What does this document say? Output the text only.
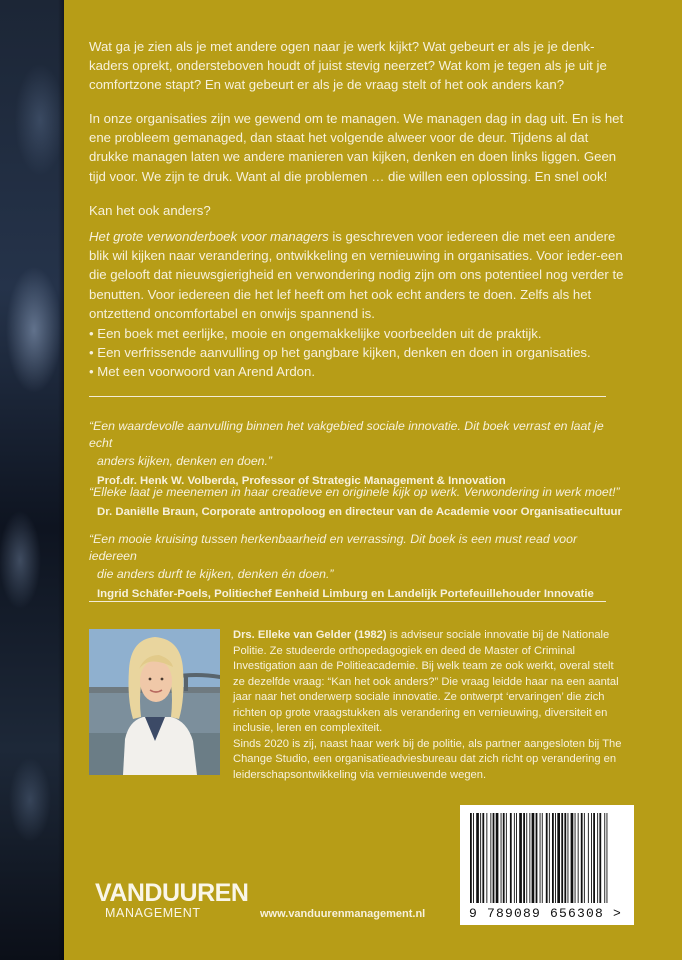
Wat ga je zien als je met andere ogen naar je werk kijkt? Wat gebeurt er als je je denk-kaders oprekt, ondersteboven houdt of juist stevig neerzet? Wat kom je tegen als je uit je comfortzone stapt? En wat gebeurt er als je de vraag stelt of het ook anders kan?

In onze organisaties zijn we gewend om te managen. We managen dag in dag uit. En is het ene probleem gemanaged, dan staat het volgende alweer voor de deur. Tijdens al dat drukke managen laten we andere manieren van kijken, denken en doen links liggen. Geen tijd voor. We zijn te druk. Want al die problemen … die willen een oplossing. En snel ook!

Kan het ook anders?

Het grote verwonderboek voor managers is geschreven voor iedereen die met een andere blik wil kijken naar verandering, ontwikkeling en vernieuwing in organisaties. Voor ieder-een die gelooft dat nieuwsgierigheid en verwondering nodig zijn om ons potentieel nog verder te benutten. Voor iedereen die het lef heeft om het ook echt anders te doen. Zelfs als het ontzettend oncomfortabel en onwijs spannend is.

• Een boek met eerlijke, mooie en ongemakkelijke voorbeelden uit de praktijk.
• Een verfrissende aanvulling op het gangbare kijken, denken en doen in organisaties.
• Met een voorwoord van Arend Ardon.

“Een waardevolle aanvulling binnen het vakgebied sociale innovatie. Dit boek verrast en laat je echt
anders kijken, denken en doen.”

Prof.dr. Henk W. Volberda, Professor of Strategic Management & Innovation

“Elleke laat je meenemen in haar creatieve en originele kijk op werk. Verwondering in werk moet!”

Dr. Daniëlle Braun, Corporate antropoloog en directeur van de Academie voor Organisatiecultuur

“Een mooie kruising tussen herkenbaarheid en verrassing. Dit boek is een must read voor iedereen
die anders durft te kijken, denken én doen.”

Ingrid Schäfer-Poels, Politiechef Eenheid Limburg en Landelijk Portefeuillehouder Innovatie

Drs. Elleke van Gelder (1982) is adviseur sociale innovatie bij de Nationale Politie. Ze studeerde orthopedagogiek en deed de Master of Criminal Investigation aan de Politieacademie. Bij welk team ze ook werkt, overal stelt ze dezelfde vraag: “Kan het ook anders?” Die vraag leidde haar na een aantal jaar naar het onderwerp sociale innovatie. Ze ontwerpt ‘ervaringen’ die zich richten op grote vraagstukken als verandering en vernieuwing, diversiteit en inclusie, leren en complexiteit.
Sinds 2020 is zij, naast haar werk bij de politie, als partner aangesloten bij The Change Studio, een organisatieadviesbureau dat zich richt op verandering en leiderschapsontwikkeling via vernieuwende wegen.
VANDUUREN
MANAGEMENT	www.vanduurenmanagement.nl	9 789089 656308 >
